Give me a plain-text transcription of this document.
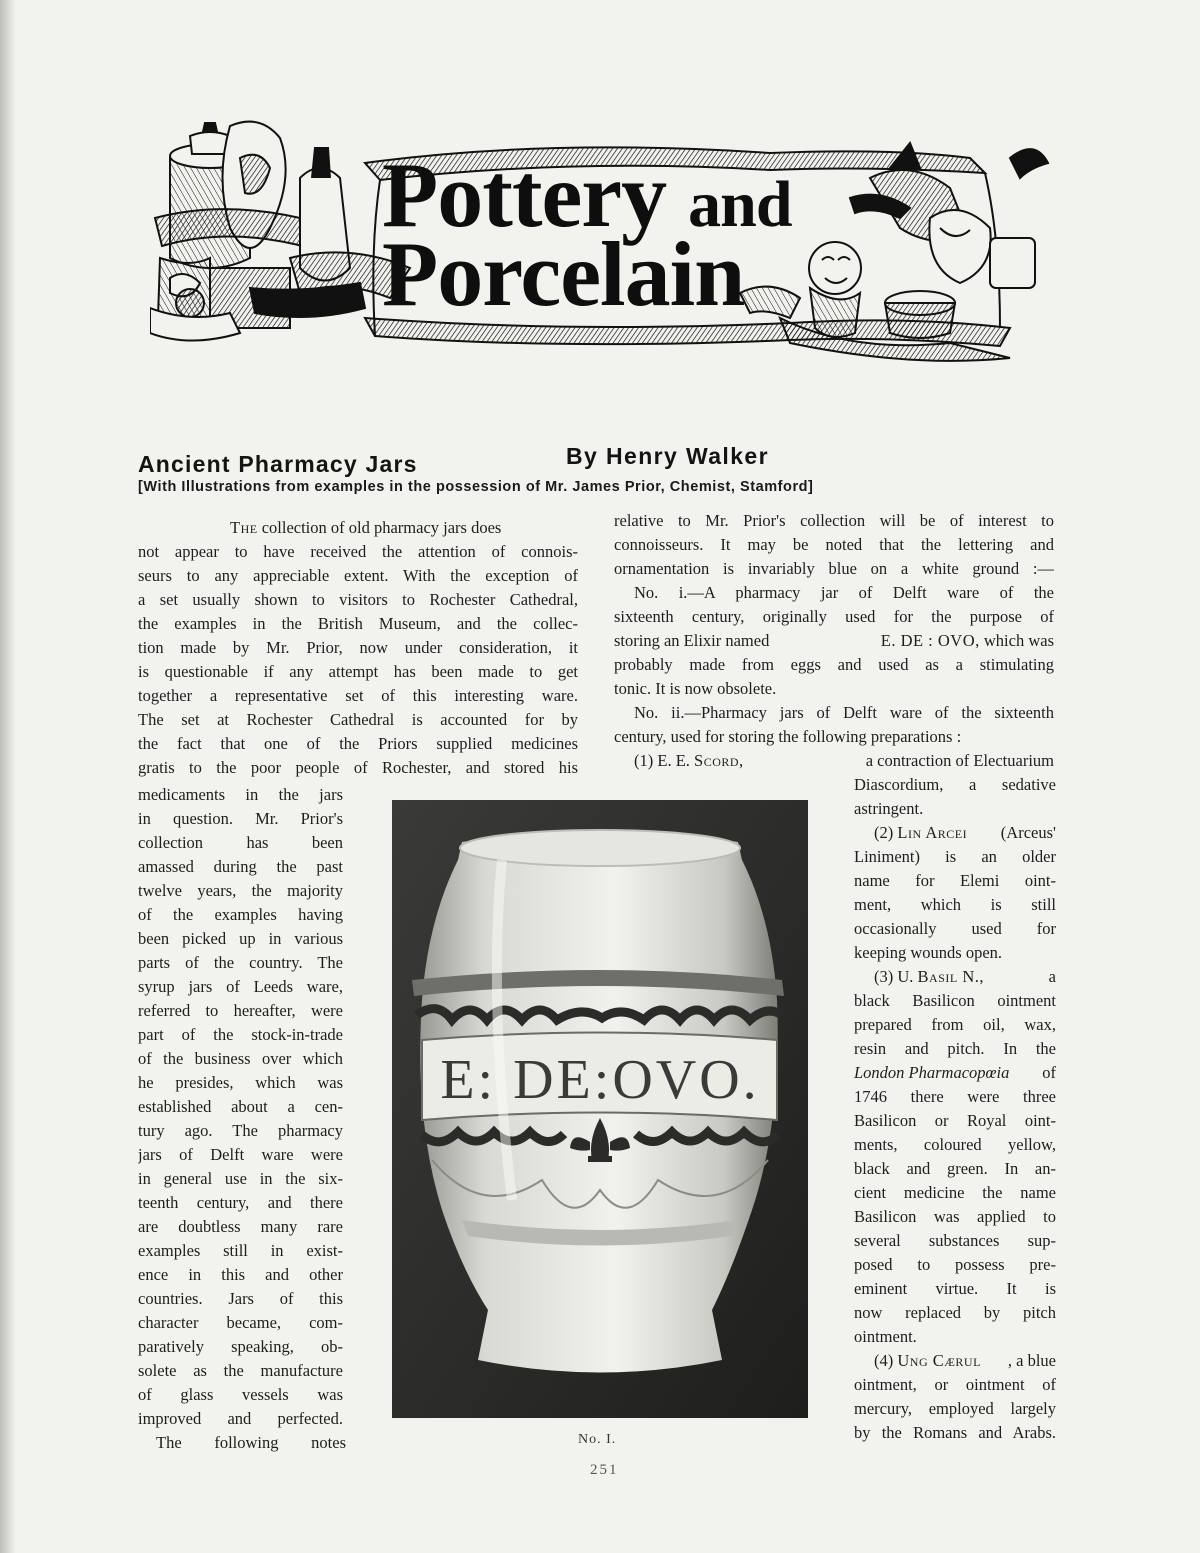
Pottery and
Porcelain
Ancient Pharmacy Jars	By Henry Walker
[With Illustrations from examples in the possession of Mr. James Prior, Chemist, Stamford]
The collection of old pharmacy jars does
not appear to have received the attention of connois-
seurs to any appreciable extent. With the exception of
a set usually shown to visitors to Rochester Cathedral,
the examples in the British Museum, and the collec-
tion made by Mr. Prior, now under consideration, it
is questionable if any attempt has been made to get
together a representative set of this interesting ware.
The set at Rochester Cathedral is accounted for by
the fact that one of the Priors supplied medicines
gratis to the poor people of Rochester, and stored his
medicaments in the jars
in question. Mr. Prior's
collection has been
amassed during the past
twelve years, the majority
of the examples having
been picked up in various
parts of the country. The
syrup jars of Leeds ware,
referred to hereafter, were
part of the stock-in-trade
of the business over which
he presides, which was
established about a cen-
tury ago. The pharmacy
jars of Delft ware were
in general use in the six-
teenth century, and there
are doubtless many rare
examples still in exist-
ence in this and other
countries. Jars of this
character became, com-
paratively speaking, ob-
solete as the manufacture
of glass vessels was
improved and perfected.
The following notes
relative to Mr. Prior's collection will be of interest to
connoisseurs. It may be noted that the lettering and
ornamentation is invariably blue on a white ground :—
No. i.—A pharmacy jar of Delft ware of the
sixteenth century, originally used for the purpose of
storing an Elixir named	E. DE : OVO, which was
probably made from eggs and used as a stimulating
tonic. It is now obsolete.
No. ii.—Pharmacy jars of Delft ware of the sixteenth
century, used for storing the following preparations :
(1) E. E. Scord,	a contraction of Electuarium
Diascordium, a sedative
astringent.
(2) Lin Arcei (Arceus'
Liniment) is an older
name for Elemi oint-
ment, which is still
occasionally used for
keeping wounds open.
(3) U. Basil N.,	a
black Basilicon ointment
prepared from oil, wax,
resin and pitch. In the
London Pharmacopœia of
1746 there were three
Basilicon or Royal oint-
ments, coloured yellow,
black and green. In an-
cient medicine the name
Basilicon was applied to
several substances sup-
posed to possess pre-
eminent virtue. It is
now replaced by pitch
ointment.
(4) Ung Cærul , a blue
ointment, or ointment of
mercury, employed largely
by the Romans and Arabs.
E: DE:OVO.
No. I.
251
